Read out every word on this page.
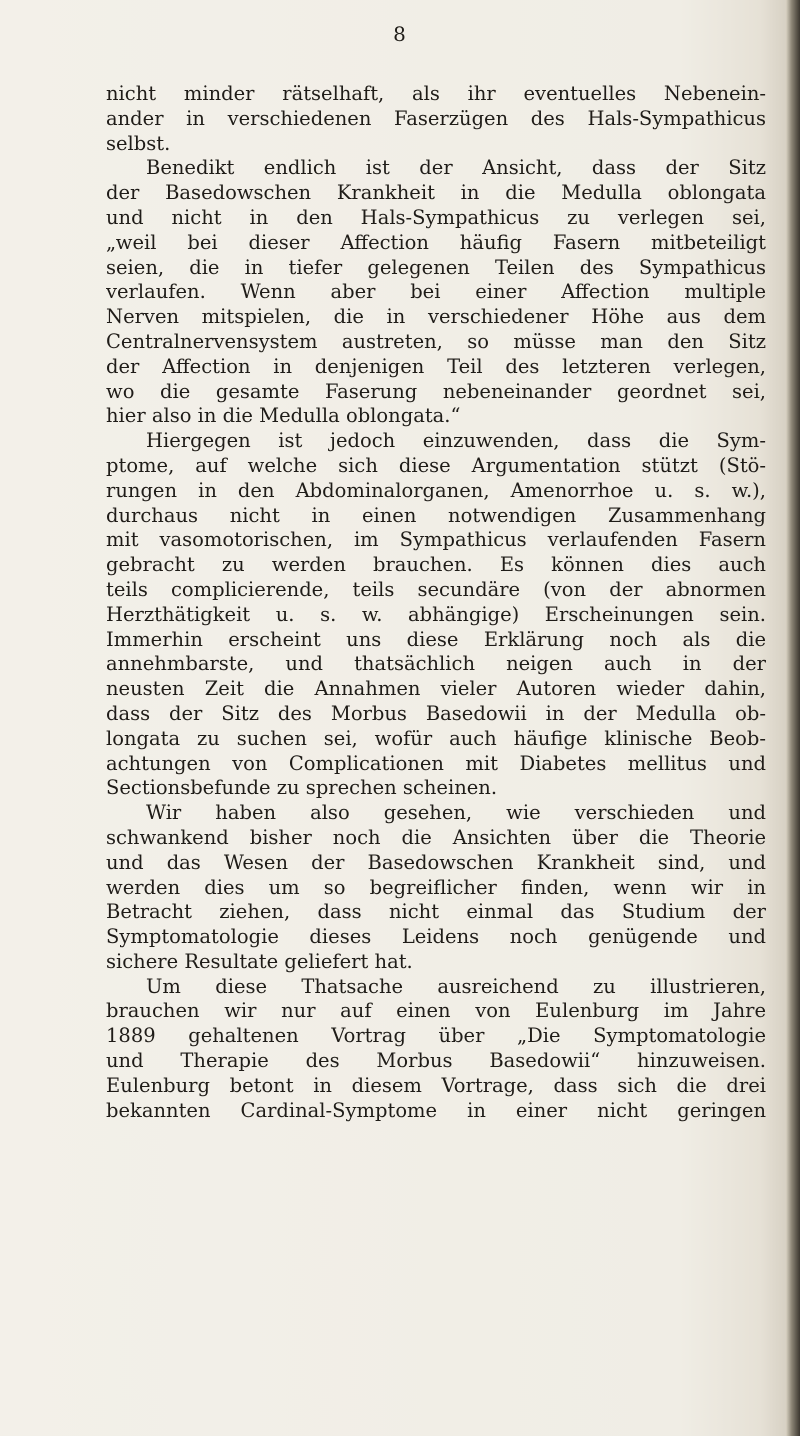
8
nicht minder rätselhaft, als ihr eventuelles Nebenein-
ander in verschiedenen Faserzügen des Hals-Sympathicus
selbst.
Benedikt endlich ist der Ansicht, dass der Sitz
der Basedowschen Krankheit in die Medulla oblongata
und nicht in den Hals-Sympathicus zu verlegen sei,
„weil bei dieser Affection häufig Fasern mitbeteiligt
seien, die in tiefer gelegenen Teilen des Sympathicus
verlaufen. Wenn aber bei einer Affection multiple
Nerven mitspielen, die in verschiedener Höhe aus dem
Centralnervensystem austreten, so müsse man den Sitz
der Affection in denjenigen Teil des letzteren verlegen,
wo die gesamte Faserung nebeneinander geordnet sei,
hier also in die Medulla oblongata.“
Hiergegen ist jedoch einzuwenden, dass die Sym-
ptome, auf welche sich diese Argumentation stützt (Stö-
rungen in den Abdominalorganen, Amenorrhoe u. s. w.),
durchaus nicht in einen notwendigen Zusammenhang
mit vasomotorischen, im Sympathicus verlaufenden Fasern
gebracht zu werden brauchen. Es können dies auch
teils complicierende, teils secundäre (von der abnormen
Herzthätigkeit u. s. w. abhängige) Erscheinungen sein.
Immerhin erscheint uns diese Erklärung noch als die
annehmbarste, und thatsächlich neigen auch in der
neusten Zeit die Annahmen vieler Autoren wieder dahin,
dass der Sitz des Morbus Basedowii in der Medulla ob-
longata zu suchen sei, wofür auch häufige klinische Beob-
achtungen von Complicationen mit Diabetes mellitus und
Sectionsbefunde zu sprechen scheinen.
Wir haben also gesehen, wie verschieden und
schwankend bisher noch die Ansichten über die Theorie
und das Wesen der Basedowschen Krankheit sind, und
werden dies um so begreiflicher finden, wenn wir in
Betracht ziehen, dass nicht einmal das Studium der
Symptomatologie dieses Leidens noch genügende und
sichere Resultate geliefert hat.
Um diese Thatsache ausreichend zu illustrieren,
brauchen wir nur auf einen von Eulenburg im Jahre
1889 gehaltenen Vortrag über „Die Symptomatologie
und Therapie des Morbus Basedowii“ hinzuweisen.
Eulenburg betont in diesem Vortrage, dass sich die drei
bekannten Cardinal-Symptome in einer nicht geringen
